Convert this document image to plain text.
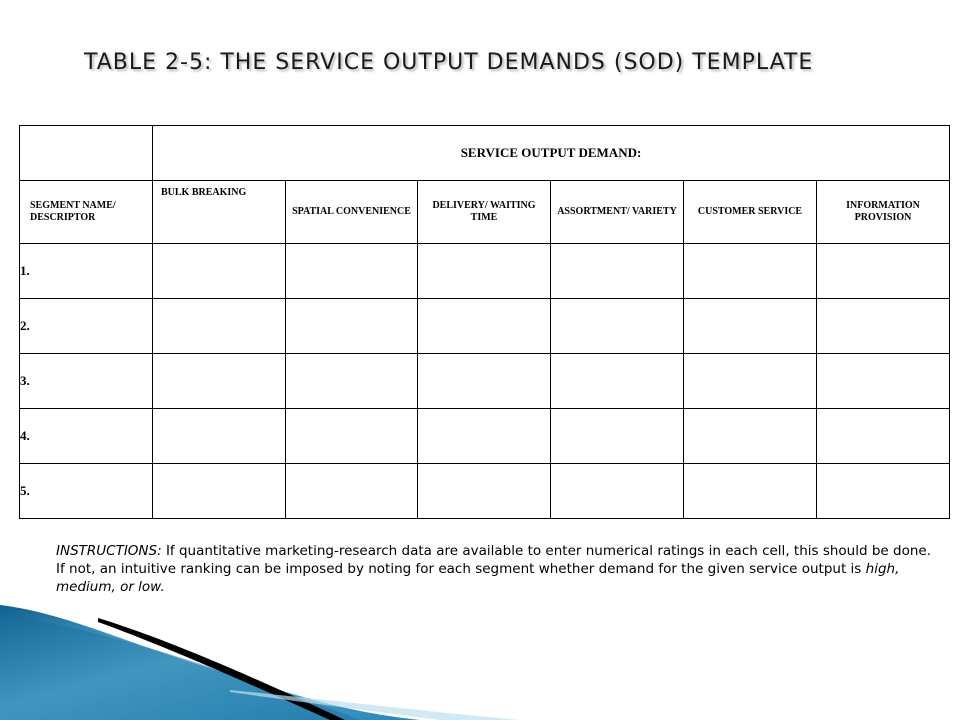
TABLE 2-5: THE SERVICE OUTPUT DEMANDS (SOD) TEMPLATE
	SERVICE OUTPUT DEMAND:					
SEGMENT NAME/ DESCRIPTOR	BULK BREAKING	SPATIAL CONVENIENCE	DELIVERY/ WAITING TIME	ASSORTMENT/ VARIETY	CUSTOMER SERVICE	INFORMATION PROVISION
1.						
2.						
3.						
4.						
5.						
INSTRUCTIONS: If quantitative marketing-research data are available to enter numerical ratings in each cell, this should be done. If not, an intuitive ranking can be imposed by noting for each segment whether demand for the given service output is high, medium, or low.
